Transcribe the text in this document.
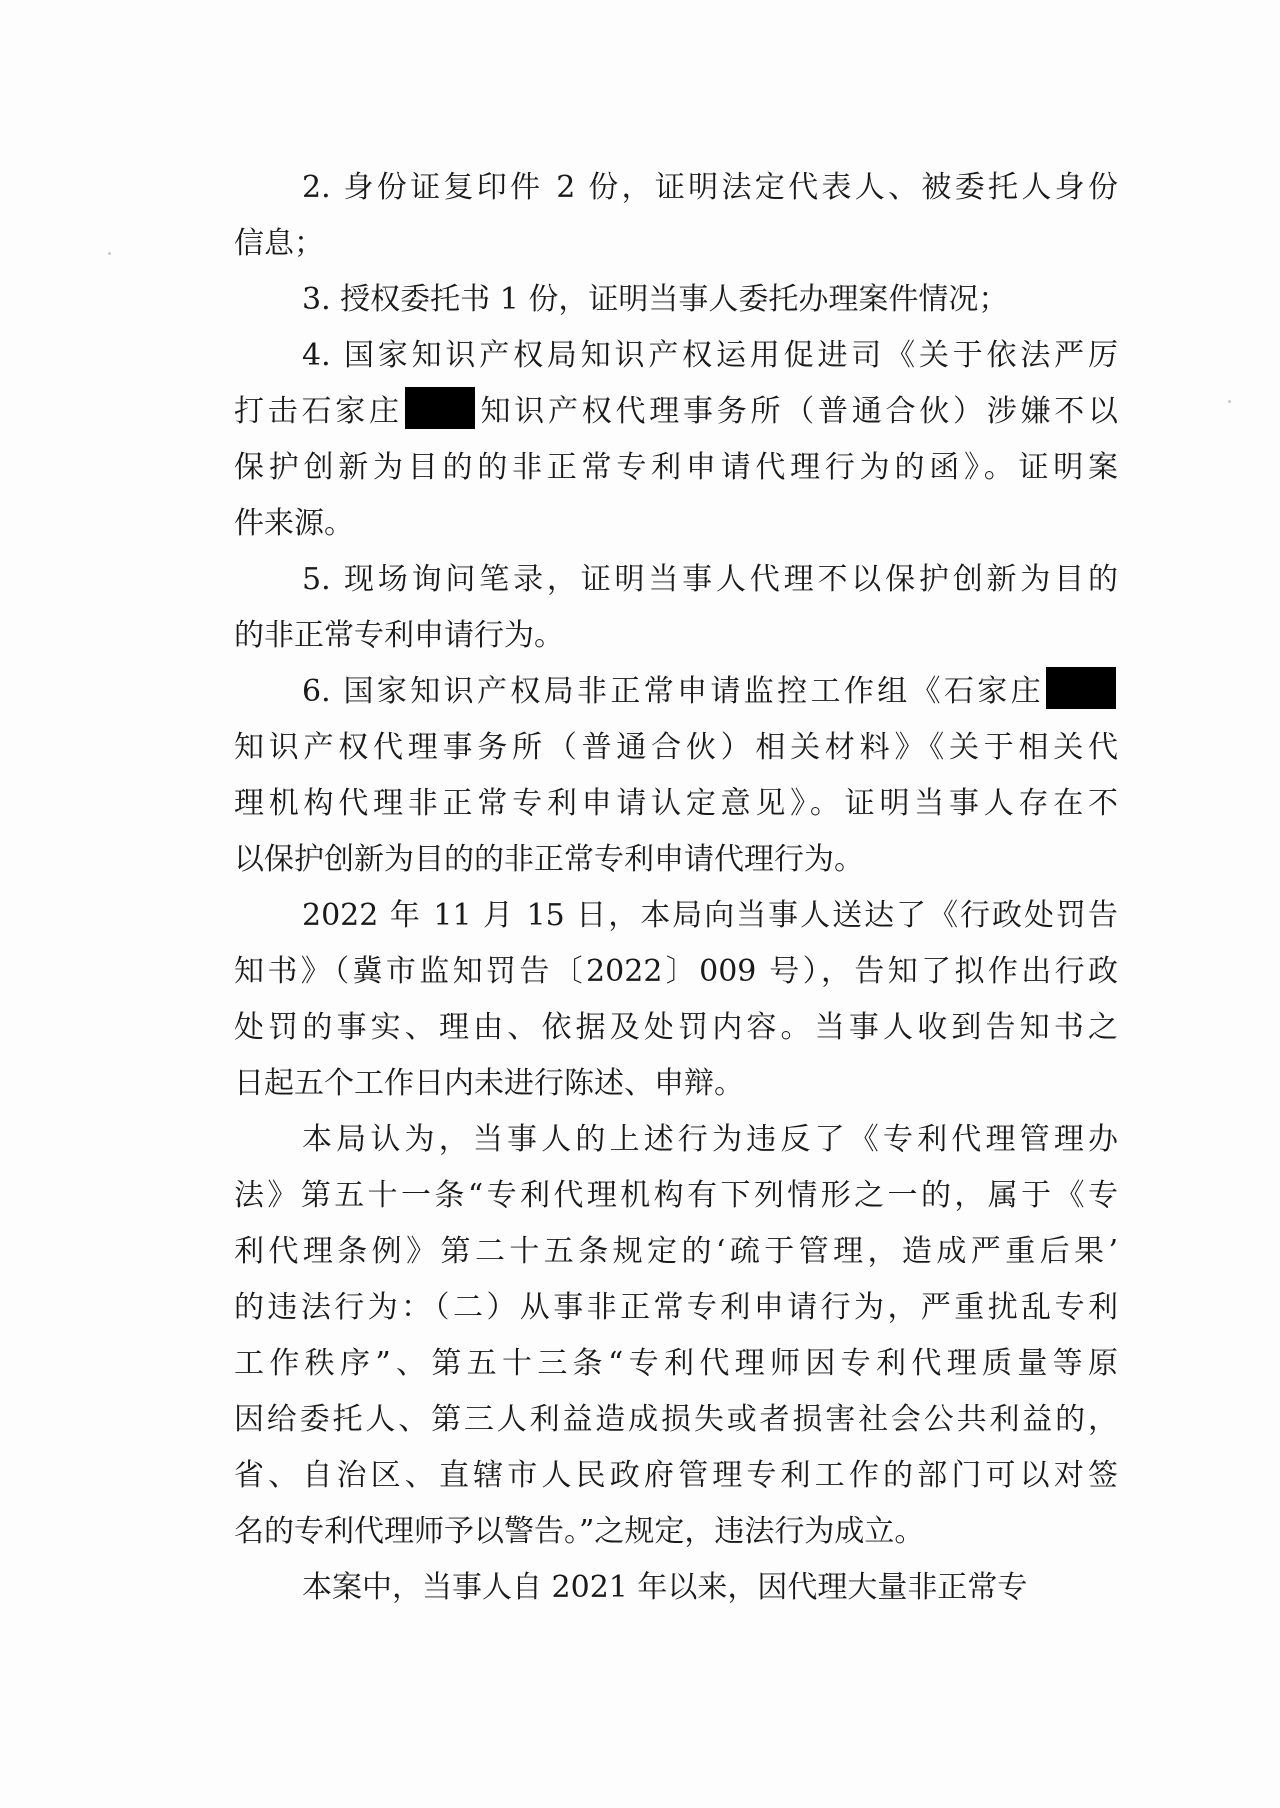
2. 身份证复印件 2 份，证明法定代表人、被委托人身份
信息；
3. 授权委托书 1 份，证明当事人委托办理案件情况；
4. 国家知识产权局知识产权运用促进司《关于依法严厉
打击石家庄 知识产权代理事务所（普通合伙）涉嫌不以
保护创新为目的的非正常专利申请代理行为的函》。证明案
件来源。
5. 现场询问笔录，证明当事人代理不以保护创新为目的
的非正常专利申请行为。
6. 国家知识产权局非正常申请监控工作组《石家庄
知识产权代理事务所（普通合伙）相关材料》《关于相关代
理机构代理非正常专利申请认定意见》。证明当事人存在不
以保护创新为目的的非正常专利申请代理行为。
2022 年 11 月 15 日，本局向当事人送达了《行政处罚告
知书》（冀市监知罚告〔2022〕009 号），告知了拟作出行政
处罚的事实、理由、依据及处罚内容。当事人收到告知书之
日起五个工作日内未进行陈述、申辩。
本局认为，当事人的上述行为违反了《专利代理管理办
法》第五十一条“专利代理机构有下列情形之一的，属于《专
利代理条例》第二十五条规定的‘疏于管理，造成严重后果’
的违法行为：（二）从事非正常专利申请行为，严重扰乱专利
工作秩序”、第五十三条“专利代理师因专利代理质量等原
因给委托人、第三人利益造成损失或者损害社会公共利益的，
省、自治区、直辖市人民政府管理专利工作的部门可以对签
名的专利代理师予以警告。”之规定，违法行为成立。
本案中，当事人自 2021 年以来，因代理大量非正常专
